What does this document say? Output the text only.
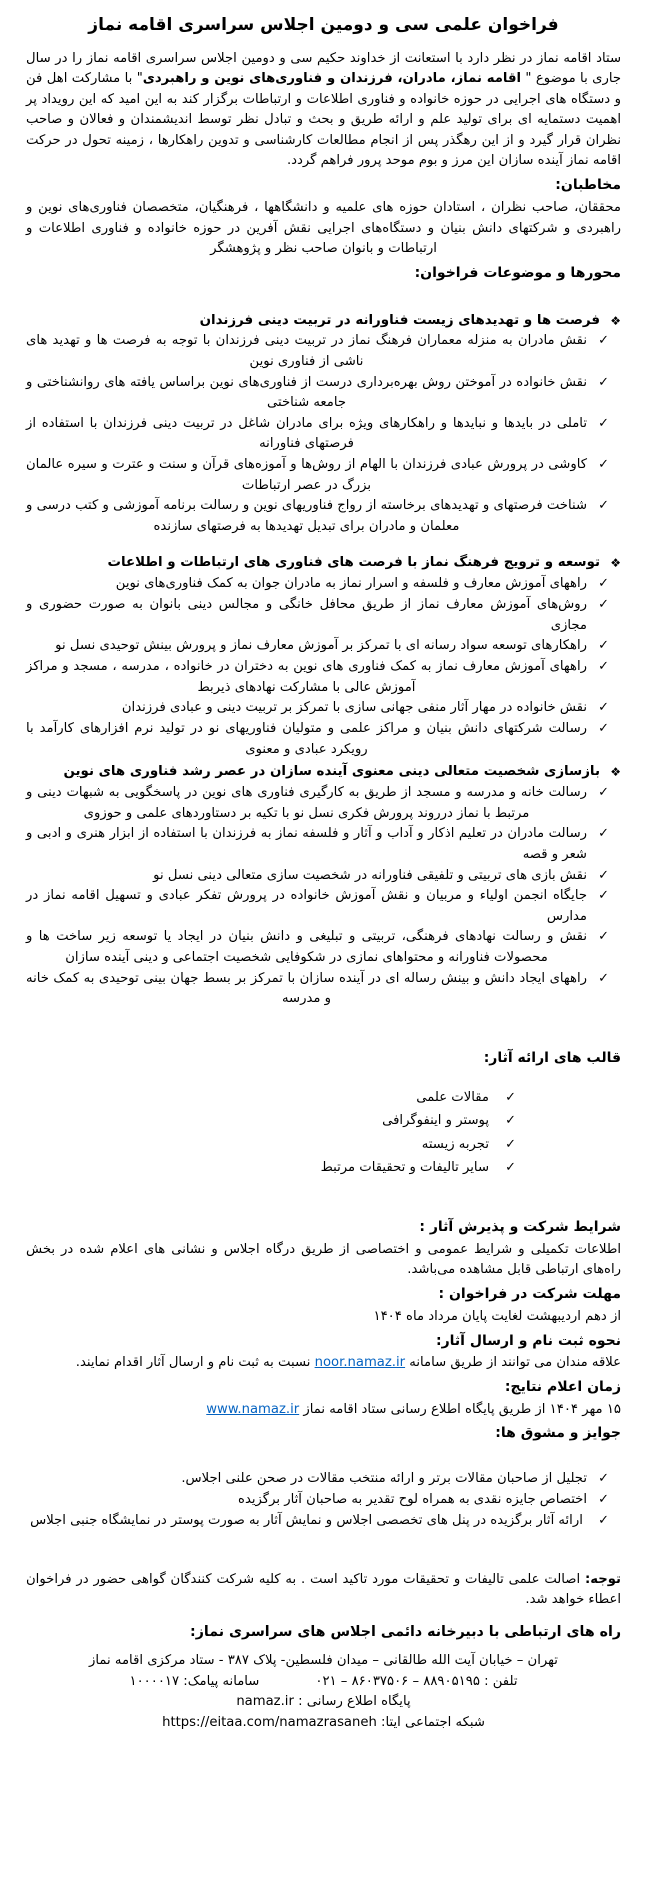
فراخوان علمی سی و دومین اجلاس سراسری اقامه نماز

ستاد اقامه نماز در نظر دارد با استعانت از خداوند حکیم سی و دومین اجلاس سراسری اقامه نماز را در سال جاری با موضوع " اقامه نماز، مادران، فرزندان و فناوری‌های نوین و راهبردی" با مشارکت اهل فن و دستگاه های اجرایی در حوزه خانواده و فناوری اطلاعات و ارتباطات برگزار کند به این امید که این رویداد پر اهمیت دستمایه ای برای تولید علم و ارائه طریق و بحث و تبادل نظر توسط اندیشمندان و فعالان و صاحب نظران قرار گیرد و از این رهگذر پس از انجام مطالعات کارشناسی و تدوین راهکارها ، زمینه تحول در حرکت اقامه نماز آینده سازان این مرز و بوم موحد پرور فراهم گردد.

مخاطبان:

محققان، صاحب نظران ، استادان حوزه های علمیه و دانشگاهها ، فرهنگیان، متخصصان فناوری‌های نوین و راهبردی و شرکتهای دانش بنیان و دستگاه‌های اجرایی نقش آفرین در حوزه خانواده و فناوری اطلاعات و ارتباطات و بانوان صاحب نظر و پژوهشگر

محورها و موضوعات فراخوان:
❖
فرصت ها و تهدیدهای زیست فناورانه در تربیت دینی فرزندان
✓
نقش مادران به منزله معماران فرهنگ نماز در تربیت دینی فرزندان با توجه به فرصت ها و تهدید های ناشی از فناوری نوین
✓
نقش خانواده در آموختن روش بهره‌برداری درست از فناوری‌های نوین براساس یافته های روانشناختی و جامعه شناختی
✓
تاملی در بایدها و نبایدها و راهکارهای ویژه برای مادران شاغل در تربیت دینی فرزندان با استفاده از فرصتهای فناورانه
✓
کاوشی در پرورش عبادی فرزندان با الهام از روش‌ها و آموزه‌های قرآن و سنت و عترت و سیره عالمان بزرگ در عصر ارتباطات
✓
شناخت فرصتهای و تهدیدهای برخاسته از رواج فناوریهای نوین و رسالت برنامه آموزشی و کتب درسی و معلمان و مادران برای تبدیل تهدیدها به فرصتهای سازنده
❖
توسعه و ترویج فرهنگ نماز با فرصت های فناوری های ارتباطات و اطلاعات
✓
راههای آموزش معارف و فلسفه و اسرار نماز به مادران جوان به کمک فناوری‌های نوین
✓
روش‌های آموزش معارف نماز از طریق محافل خانگی و مجالس دینی بانوان به صورت حضوری و مجازی
✓
راهکارهای توسعه سواد رسانه ای با تمرکز بر آموزش معارف نماز و پرورش بینش توحیدی نسل نو
✓
راههای آموزش معارف نماز به کمک فناوری های نوین به دختران در خانواده ، مدرسه ، مسجد و مراکز آموزش عالی با مشارکت نهادهای ذیربط
✓
نقش خانواده در مهار آثار منفی جهانی سازی با تمرکز بر تربیت دینی و عبادی فرزندان
✓
رسالت شرکتهای دانش بنیان و مراکز علمی و متولیان فناوریهای نو در تولید نرم افزارهای کارآمد با رویکرد عبادی و معنوی
❖
بازسازی شخصیت متعالی دینی معنوی آینده سازان در عصر رشد فناوری های نوین
✓
رسالت خانه و مدرسه و مسجد از طریق به کارگیری فناوری های نوین در پاسخگویی به شبهات دینی و مرتبط با نماز درروند پرورش فکری نسل نو با تکیه بر دستاوردهای علمی و حوزوی
✓
رسالت مادران در تعلیم اذکار و آداب و آثار و فلسفه نماز به فرزندان با استفاده از ابزار هنری و ادبی و شعر و قصه
✓
نقش بازی های تربیتی و تلفیقی فناورانه در شخصیت سازی متعالی دینی نسل نو
✓
جایگاه انجمن اولیاء و مربیان و نقش آموزش خانواده در پرورش تفکر عبادی و تسهیل اقامه نماز در مدارس
✓
نقش و رسالت نهادهای فرهنگی، تربیتی و تبلیغی و دانش بنیان در ایجاد یا توسعه زیر ساخت ها و محصولات فناورانه و محتواهای نمازی در شکوفایی شخصیت اجتماعی و دینی آینده سازان
✓
راههای ایجاد دانش و بینش رساله ای در آینده سازان با تمرکز بر بسط جهان بینی توحیدی به کمک خانه و مدرسه
قالب های ارائه آثار:
✓
مقالات علمی
✓
پوستر و اینفوگرافی
✓
تجربه زیسته
✓
سایر تالیفات و تحقیقات مرتبط
شرایط شرکت و پذیرش آثار :

اطلاعات تکمیلی و شرایط عمومی و اختصاصی از طریق درگاه اجلاس و نشانی های اعلام شده در بخش راه‌های ارتباطی قابل مشاهده می‌باشد.

مهلت شرکت در فراخوان :

از دهم اردیبهشت لغایت پایان مرداد ماه ۱۴۰۴

نحوه ثبت نام و ارسال آثار:

علاقه مندان می توانند از طریق سامانه noor.namaz.ir نسبت به ثبت نام و ارسال آثار اقدام نمایند.

زمان اعلام نتایج:

۱۵ مهر ۱۴۰۴ از طریق پایگاه اطلاع رسانی ستاد اقامه نماز www.namaz.ir

جوایز و مشوق ها:
✓
تجلیل از صاحبان مقالات برتر و ارائه منتخب مقالات در صحن علنی اجلاس.
✓
اختصاص جایزه نقدی به همراه لوح تقدیر به صاحبان آثار برگزیده
✓
ارائه آثار برگزیده در پنل های تخصصی اجلاس و نمایش آثار به صورت پوستر در نمایشگاه جنبی اجلاس

توجه: اصالت علمی تالیفات و تحقیقات مورد تاکید است . به کلیه شرکت کنندگان گواهی حضور در فراخوان اعطاء خواهد شد.

راه های ارتباطی با دبیرخانه دائمی اجلاس های سراسری نماز:

تهران – خیابان آیت الله طالقانی – میدان فلسطین- پلاک ۳۸۷ - ستاد مرکزی اقامه نماز

تلفن : ۸۸۹۰۵۱۹۵ – ۸۶۰۳۷۵۰۶ – ۰۲۱
سامانه پیامک: ۱۰۰۰۰۱۷

پایگاه اطلاع رسانی : namaz.ir

شبکه اجتماعی ایتا: https://eitaa.com/namazrasaneh
